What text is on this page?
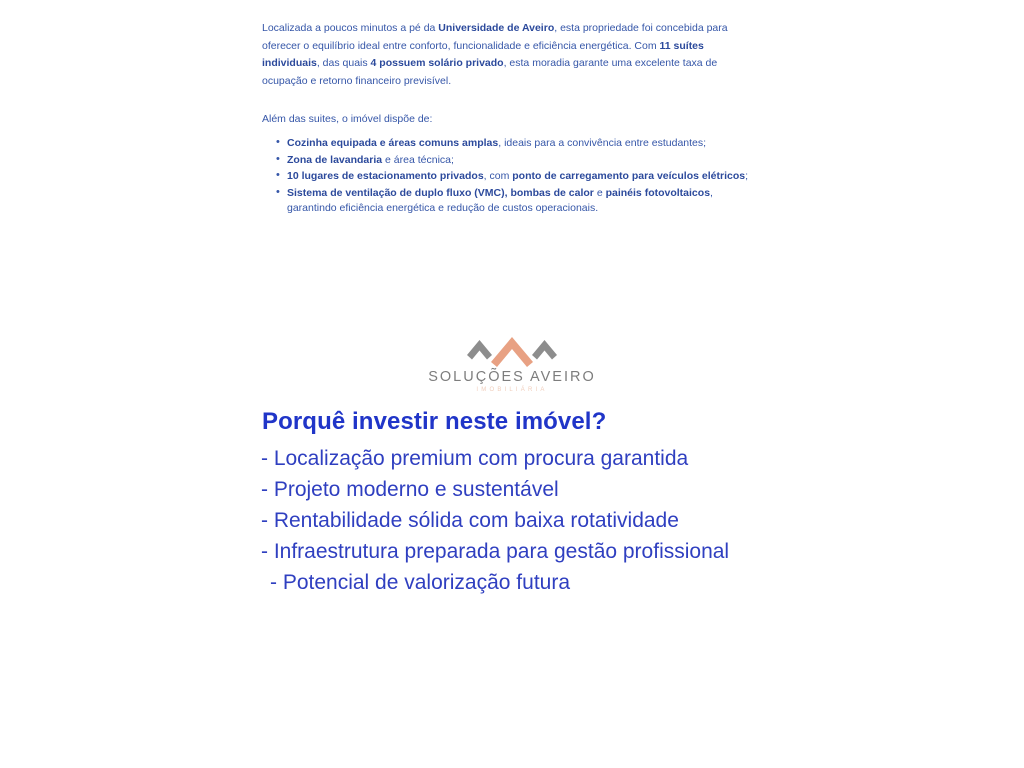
Localizada a poucos minutos a pé da Universidade de Aveiro, esta propriedade foi concebida para oferecer o equilíbrio ideal entre conforto, funcionalidade e eficiência energética. Com 11 suítes individuais, das quais 4 possuem solário privado, esta moradia garante uma excelente taxa de ocupação e retorno financeiro previsível.

Além das suites, o imóvel dispõe de:

• Cozinha equipada e áreas comuns amplas, ideais para a convivência entre estudantes;
• Zona de lavandaria e área técnica;
• 10 lugares de estacionamento privados, com ponto de carregamento para veículos elétricos;
• Sistema de ventilação de duplo fluxo (VMC), bombas de calor e painéis fotovoltaicos, garantindo eficiência energética e redução de custos operacionais.
SOLUÇÕES AVEIRO
IMOBILIÁRIA
Porquê investir neste imóvel?
- Localização premium com procura garantida
- Projeto moderno e sustentável
- Rentabilidade sólida com baixa rotatividade
- Infraestrutura preparada para gestão profissional
- Potencial de valorização futura
